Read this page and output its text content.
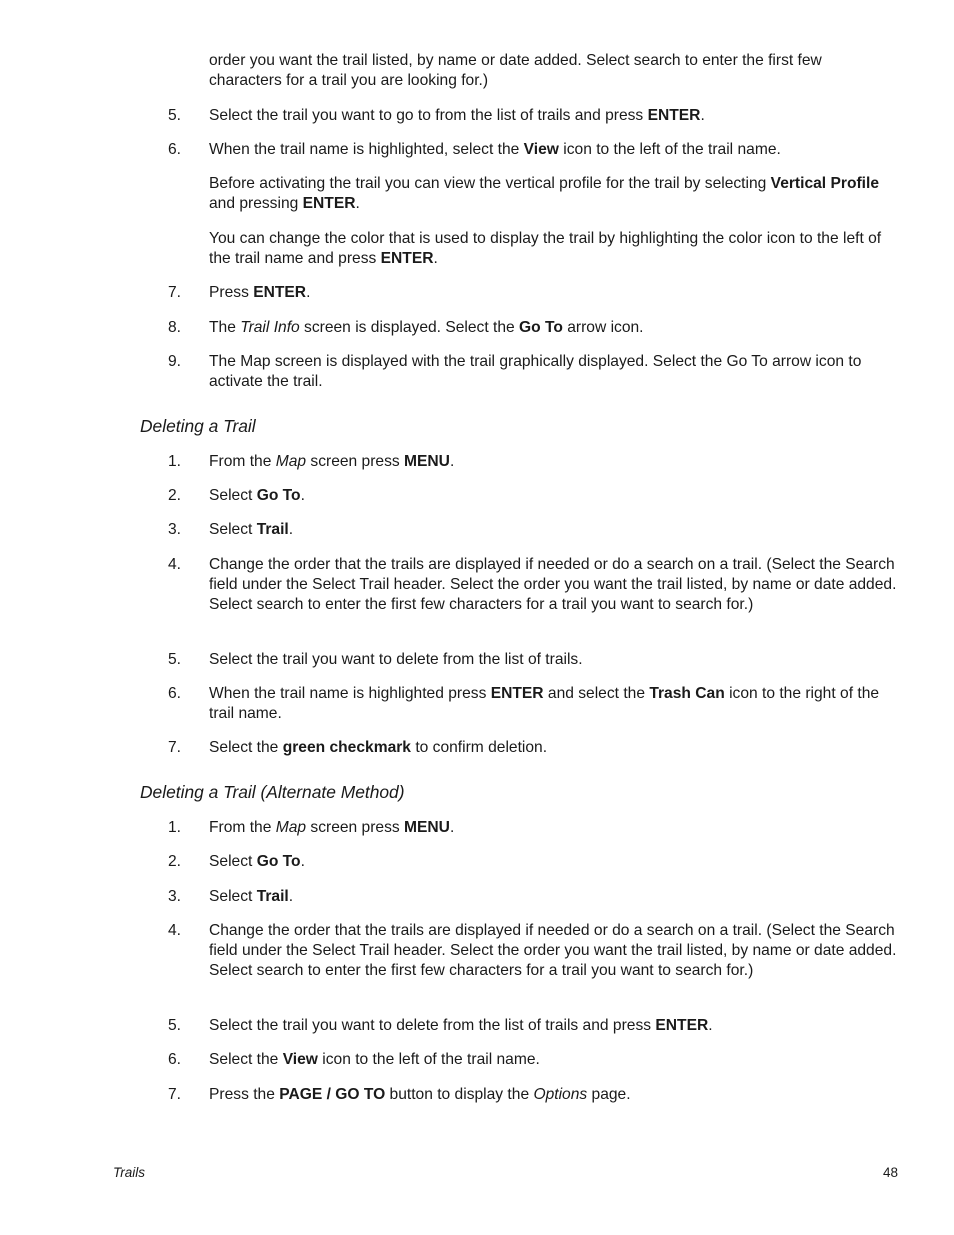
order you want the trail listed, by name or date added. Select search to enter the first few characters for a trail you are looking for.)
5.	Select the trail you want to go to from the list of trails and press ENTER.
6.	When the trail name is highlighted, select the View icon to the left of the trail name.
Before activating the trail you can view the vertical profile for the trail by selecting Vertical Profile and pressing ENTER.
You can change the color that is used to display the trail by highlighting the color icon to the left of the trail name and press ENTER.
7.	Press ENTER.
8.	The Trail Info screen is displayed. Select the Go To arrow icon.
9.	The Map screen is displayed with the trail graphically displayed. Select the Go To arrow icon to activate the trail.
Deleting a Trail
1.	From the Map screen press MENU.
2.	Select Go To.
3.	Select Trail.
4.	Change the order that the trails are displayed if needed or do a search on a trail. (Select the Search field under the Select Trail header. Select the order you want the trail listed, by name or date added. Select search to enter the first few characters for a trail you want to search for.)
5.	Select the trail you want to delete from the list of trails.
6.	When the trail name is highlighted press ENTER and select the Trash Can icon to the right of the trail name.
7.	Select the green checkmark to confirm deletion.
Deleting a Trail (Alternate Method)
1.	From the Map screen press MENU.
2.	Select Go To.
3.	Select Trail.
4.	Change the order that the trails are displayed if needed or do a search on a trail. (Select the Search field under the Select Trail header. Select the order you want the trail listed, by name or date added. Select search to enter the first few characters for a trail you want to search for.)
5.	Select the trail you want to delete from the list of trails and press ENTER.
6.	Select the View icon to the left of the trail name.
7.	Press the PAGE / GO TO button to display the Options page.
Trails	48
